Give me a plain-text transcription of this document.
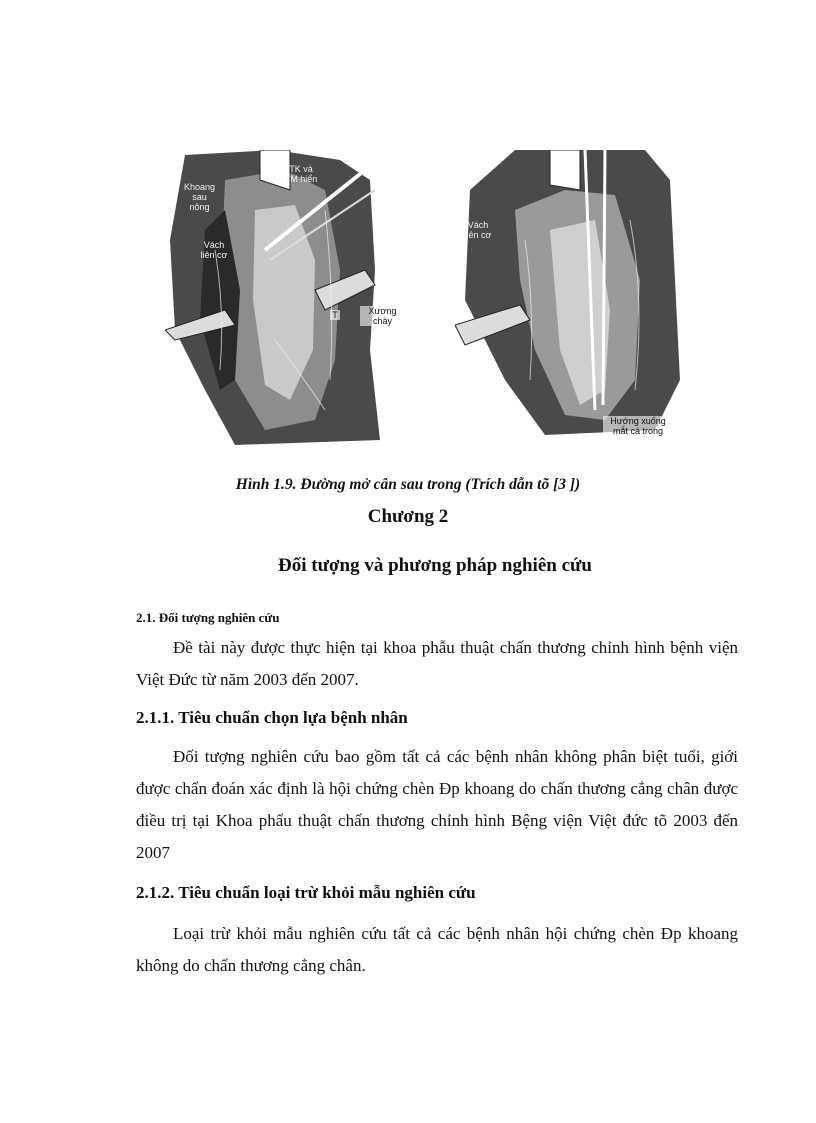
Khoang
sau
nông
TK và
TM hiển
Vách
liên cơ
T	Xương
chày
Vách
liên cơ
Hướng xuống
mắt cá trong
Hình 1.9. Đường mở cân sau trong (Trích dẫn tõ [3 ])
Chương 2
Đối tượng và phương pháp nghiên cứu
2.1. Đối tượng nghiên cứu

Đề tài này được thực hiện tại khoa phẫu thuật chấn thương chỉnh hình bệnh viện Việt Đức từ năm 2003 đến 2007.

2.1.1. Tiêu chuẩn chọn lựa bệnh nhân

Đối tượng nghiên cứu bao gồm tất cả các bệnh nhân không phân biệt tuổi, giới được chẩn đoán xác định là hội chứng chèn Ðp khoang do chấn thương cẳng chân được điều trị tại Khoa phẩu thuật chấn thương chỉnh hình Bệng viện Việt đức tõ 2003 đến 2007

2.1.2. Tiêu chuẩn loại trừ khỏi mẫu nghiên cứu

Loại trừ khỏi mẫu nghiên cứu tất cả các bệnh nhân hội chứng chèn Ðp khoang không do chấn thương cẳng chân.
